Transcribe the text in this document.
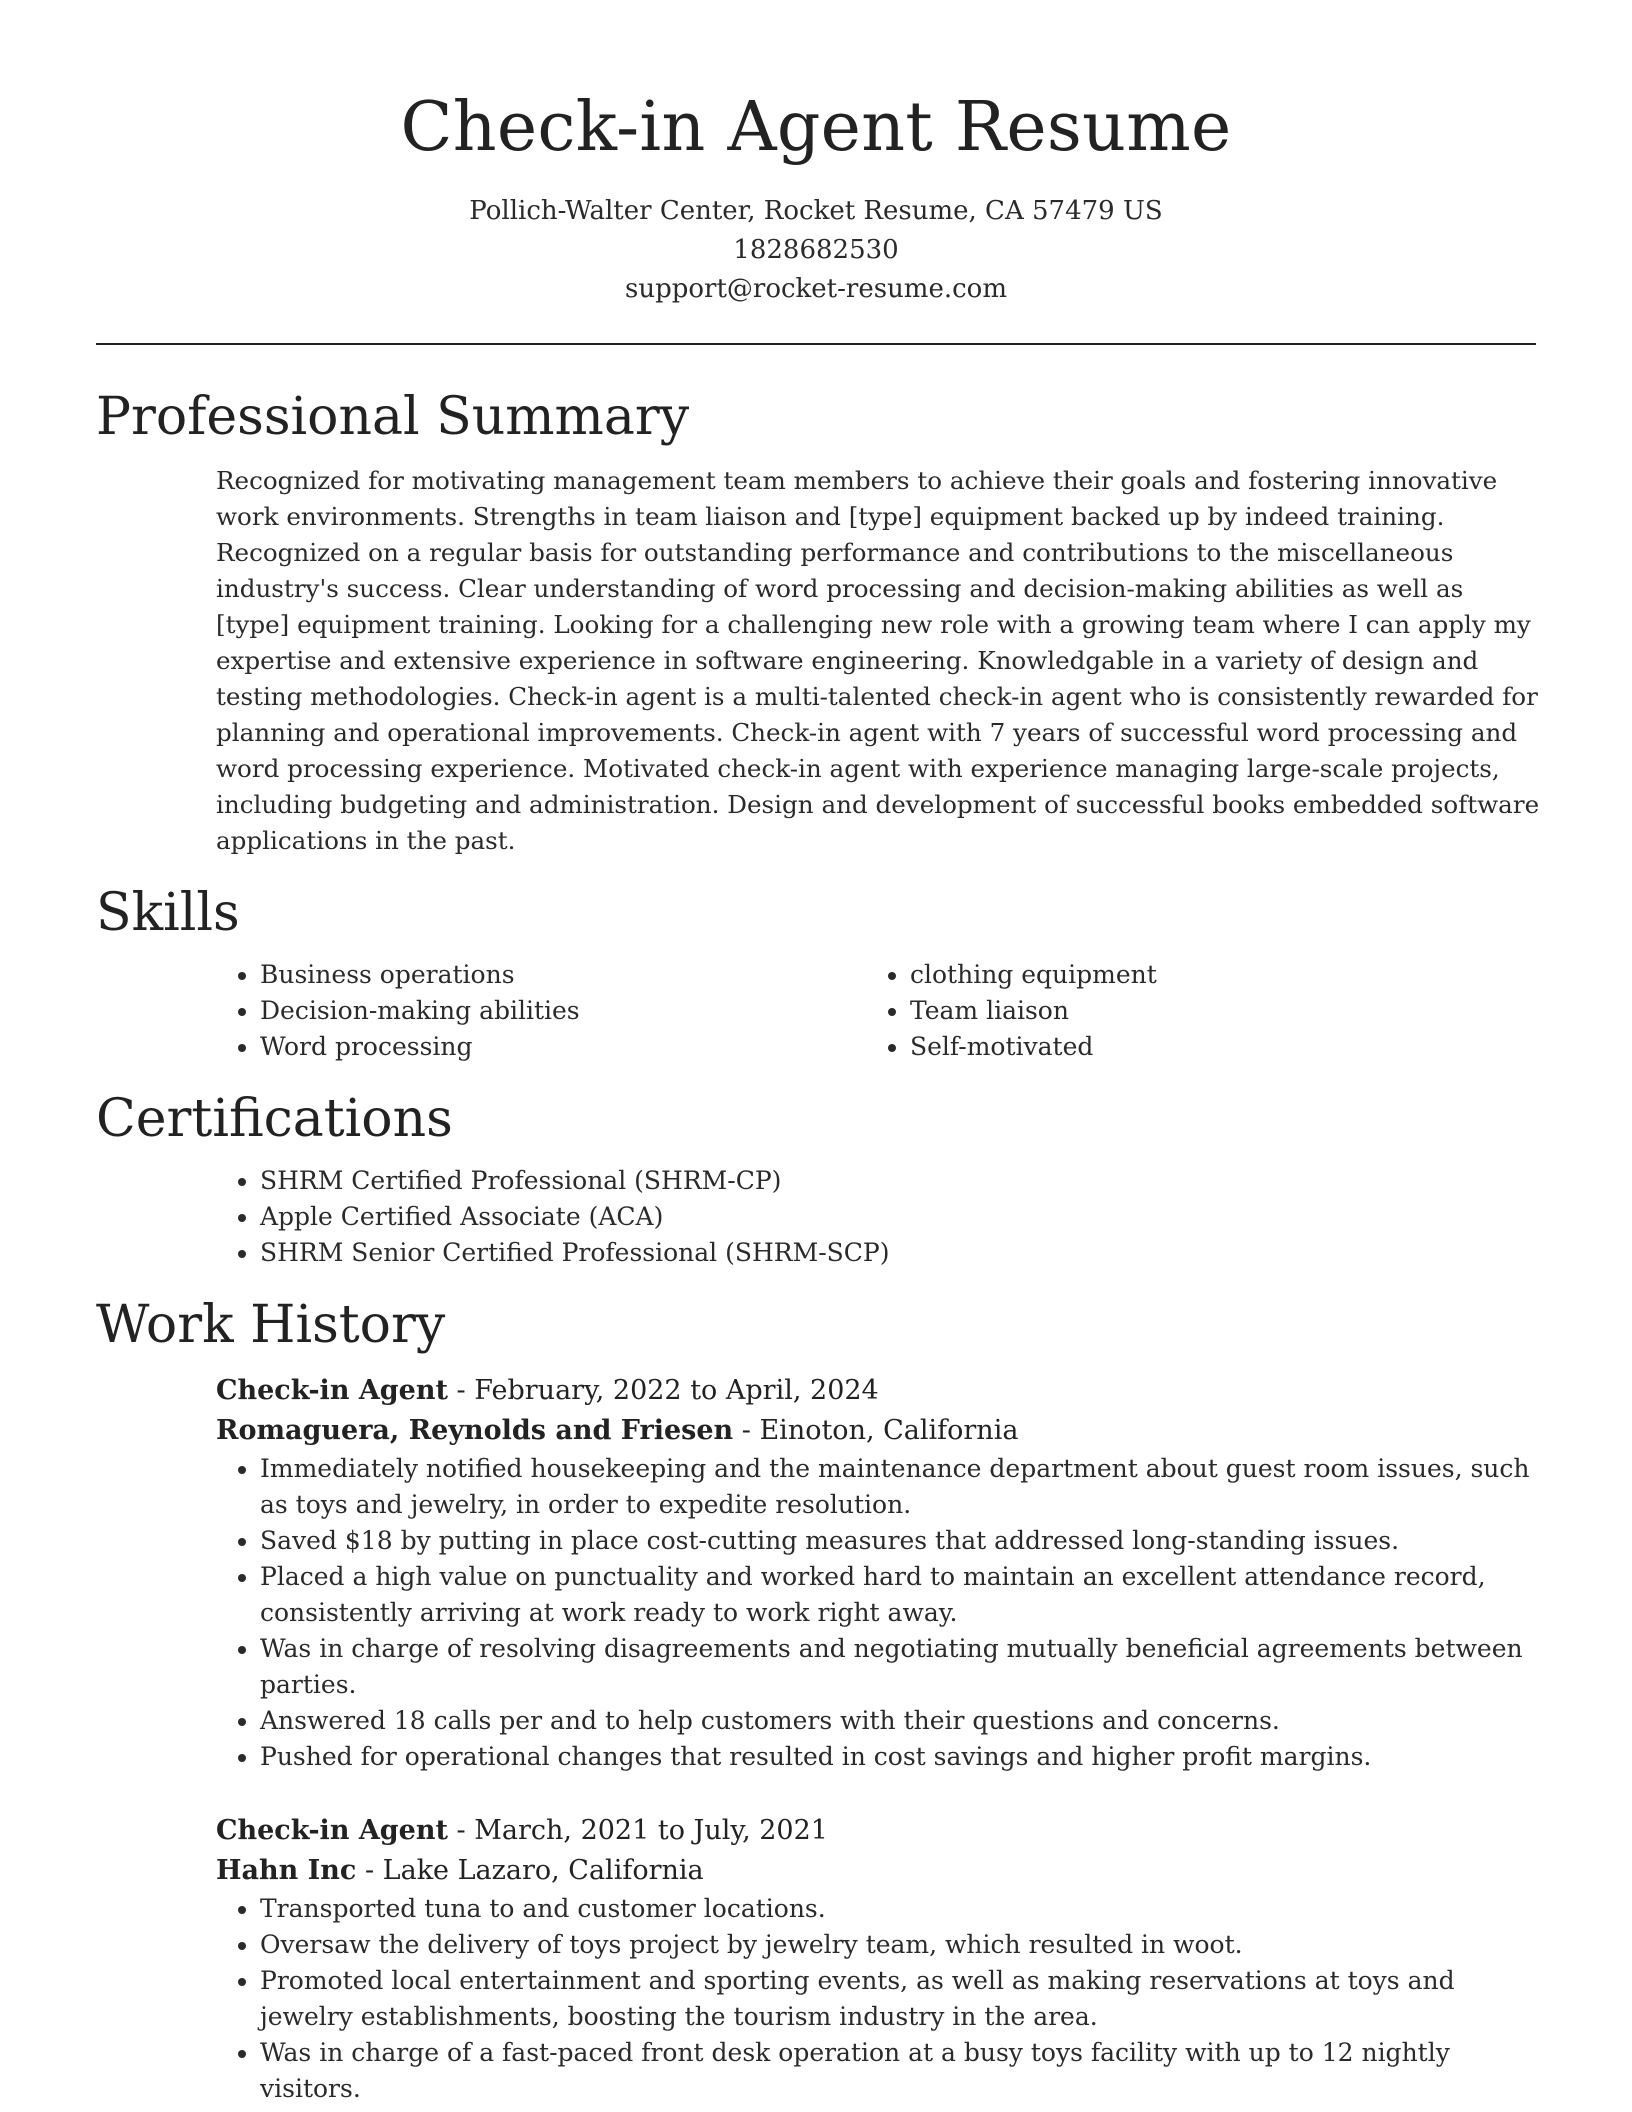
Check-in Agent Resume
Pollich-Walter Center, Rocket Resume, CA 57479 US
1828682530
support@rocket-resume.com
Professional Summary

Recognized for motivating management team members to achieve their goals and fostering innovative work environments. Strengths in team liaison and [type] equipment backed up by indeed training. Recognized on a regular basis for outstanding performance and contributions to the miscellaneous industry's success. Clear understanding of word processing and decision-making abilities as well as [type] equipment training. Looking for a challenging new role with a growing team where I can apply my expertise and extensive experience in software engineering. Knowledgable in a variety of design and testing methodologies. Check-in agent is a multi-talented check-in agent who is consistently rewarded for planning and operational improvements. Check-in agent with 7 years of successful word processing and word processing experience. Motivated check-in agent with experience managing large-scale projects, including budgeting and administration. Design and development of successful books embedded software applications in the past.

Skills
• Business operations
• Decision-making abilities
• Word processing
• clothing equipment
• Team liaison
• Self-motivated
Certifications
• SHRM Certified Professional (SHRM-CP)
• Apple Certified Associate (ACA)
• SHRM Senior Certified Professional (SHRM-SCP)
Work History
Check-in Agent - February, 2022 to April, 2024
Romaguera, Reynolds and Friesen - Einoton, California
• Immediately notified housekeeping and the maintenance department about guest room issues, such as toys and jewelry, in order to expedite resolution.
• Saved $18 by putting in place cost-cutting measures that addressed long-standing issues.
• Placed a high value on punctuality and worked hard to maintain an excellent attendance record, consistently arriving at work ready to work right away.
• Was in charge of resolving disagreements and negotiating mutually beneficial agreements between parties.
• Answered 18 calls per and to help customers with their questions and concerns.
• Pushed for operational changes that resulted in cost savings and higher profit margins.
Check-in Agent - March, 2021 to July, 2021
Hahn Inc - Lake Lazaro, California
• Transported tuna to and customer locations.
• Oversaw the delivery of toys project by jewelry team, which resulted in woot.
• Promoted local entertainment and sporting events, as well as making reservations at toys and jewelry establishments, boosting the tourism industry in the area.
• Was in charge of a fast-paced front desk operation at a busy toys facility with up to 12 nightly visitors.
